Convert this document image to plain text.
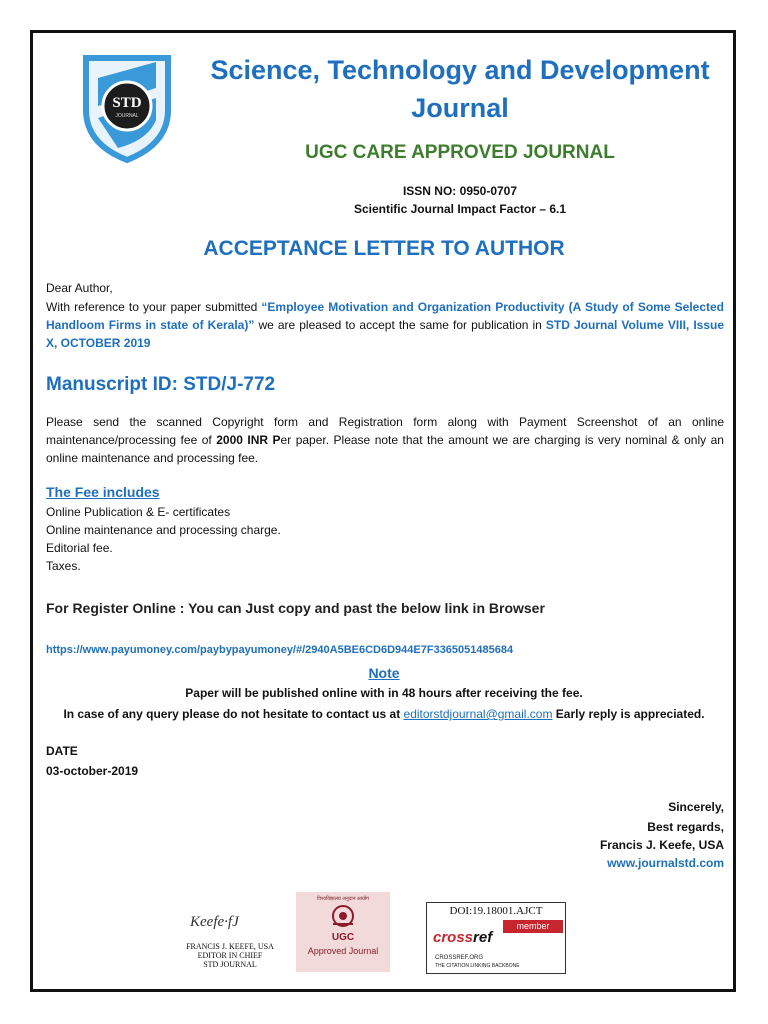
STD
JOURNAL
Science, Technology and Development
Journal
UGC CARE APPROVED JOURNAL
ISSN NO: 0950-0707
Scientific Journal Impact Factor – 6.1
ACCEPTANCE LETTER TO AUTHOR
Dear Author,
With reference to your paper submitted “Employee Motivation and Organization Productivity (A Study of Some Selected Handloom Firms in state of Kerala)” we are pleased to accept the same for publication in STD Journal Volume VIII, Issue X, OCTOBER 2019
Manuscript ID: STD/J-772
Please send the scanned Copyright form and Registration form along with Payment Screenshot of an online maintenance/processing fee of 2000 INR Per paper. Please note that the amount we are charging is very nominal & only an online maintenance and processing fee.
The Fee includes
Online Publication & E- certificates
Online maintenance and processing charge.
Editorial fee.
Taxes.
For Register Online : You can Just copy and past the below link in Browser
https://www.payumoney.com/paybypayumoney/#/2940A5BE6CD6D944E7F3365051485684
Note
Paper will be published online with in 48 hours after receiving the fee.
In case of any query please do not hesitate to contact us at editorstdjournal@gmail.com Early reply is appreciated.
DATE
03-october-2019
Sincerely,
Best regards,
Francis J. Keefe, USA
www.journalstd.com
Keefe·fJ
FRANCIS J. KEEFE, USA
EDITOR IN CHIEF
STD JOURNAL
विश्वविद्यालय अनुदान आयोग
UGC
Approved Journal
DOI:19.18001.AJCT
member
crossref
CROSSREF.ORG
THE CITATION LINKING BACKBONE
